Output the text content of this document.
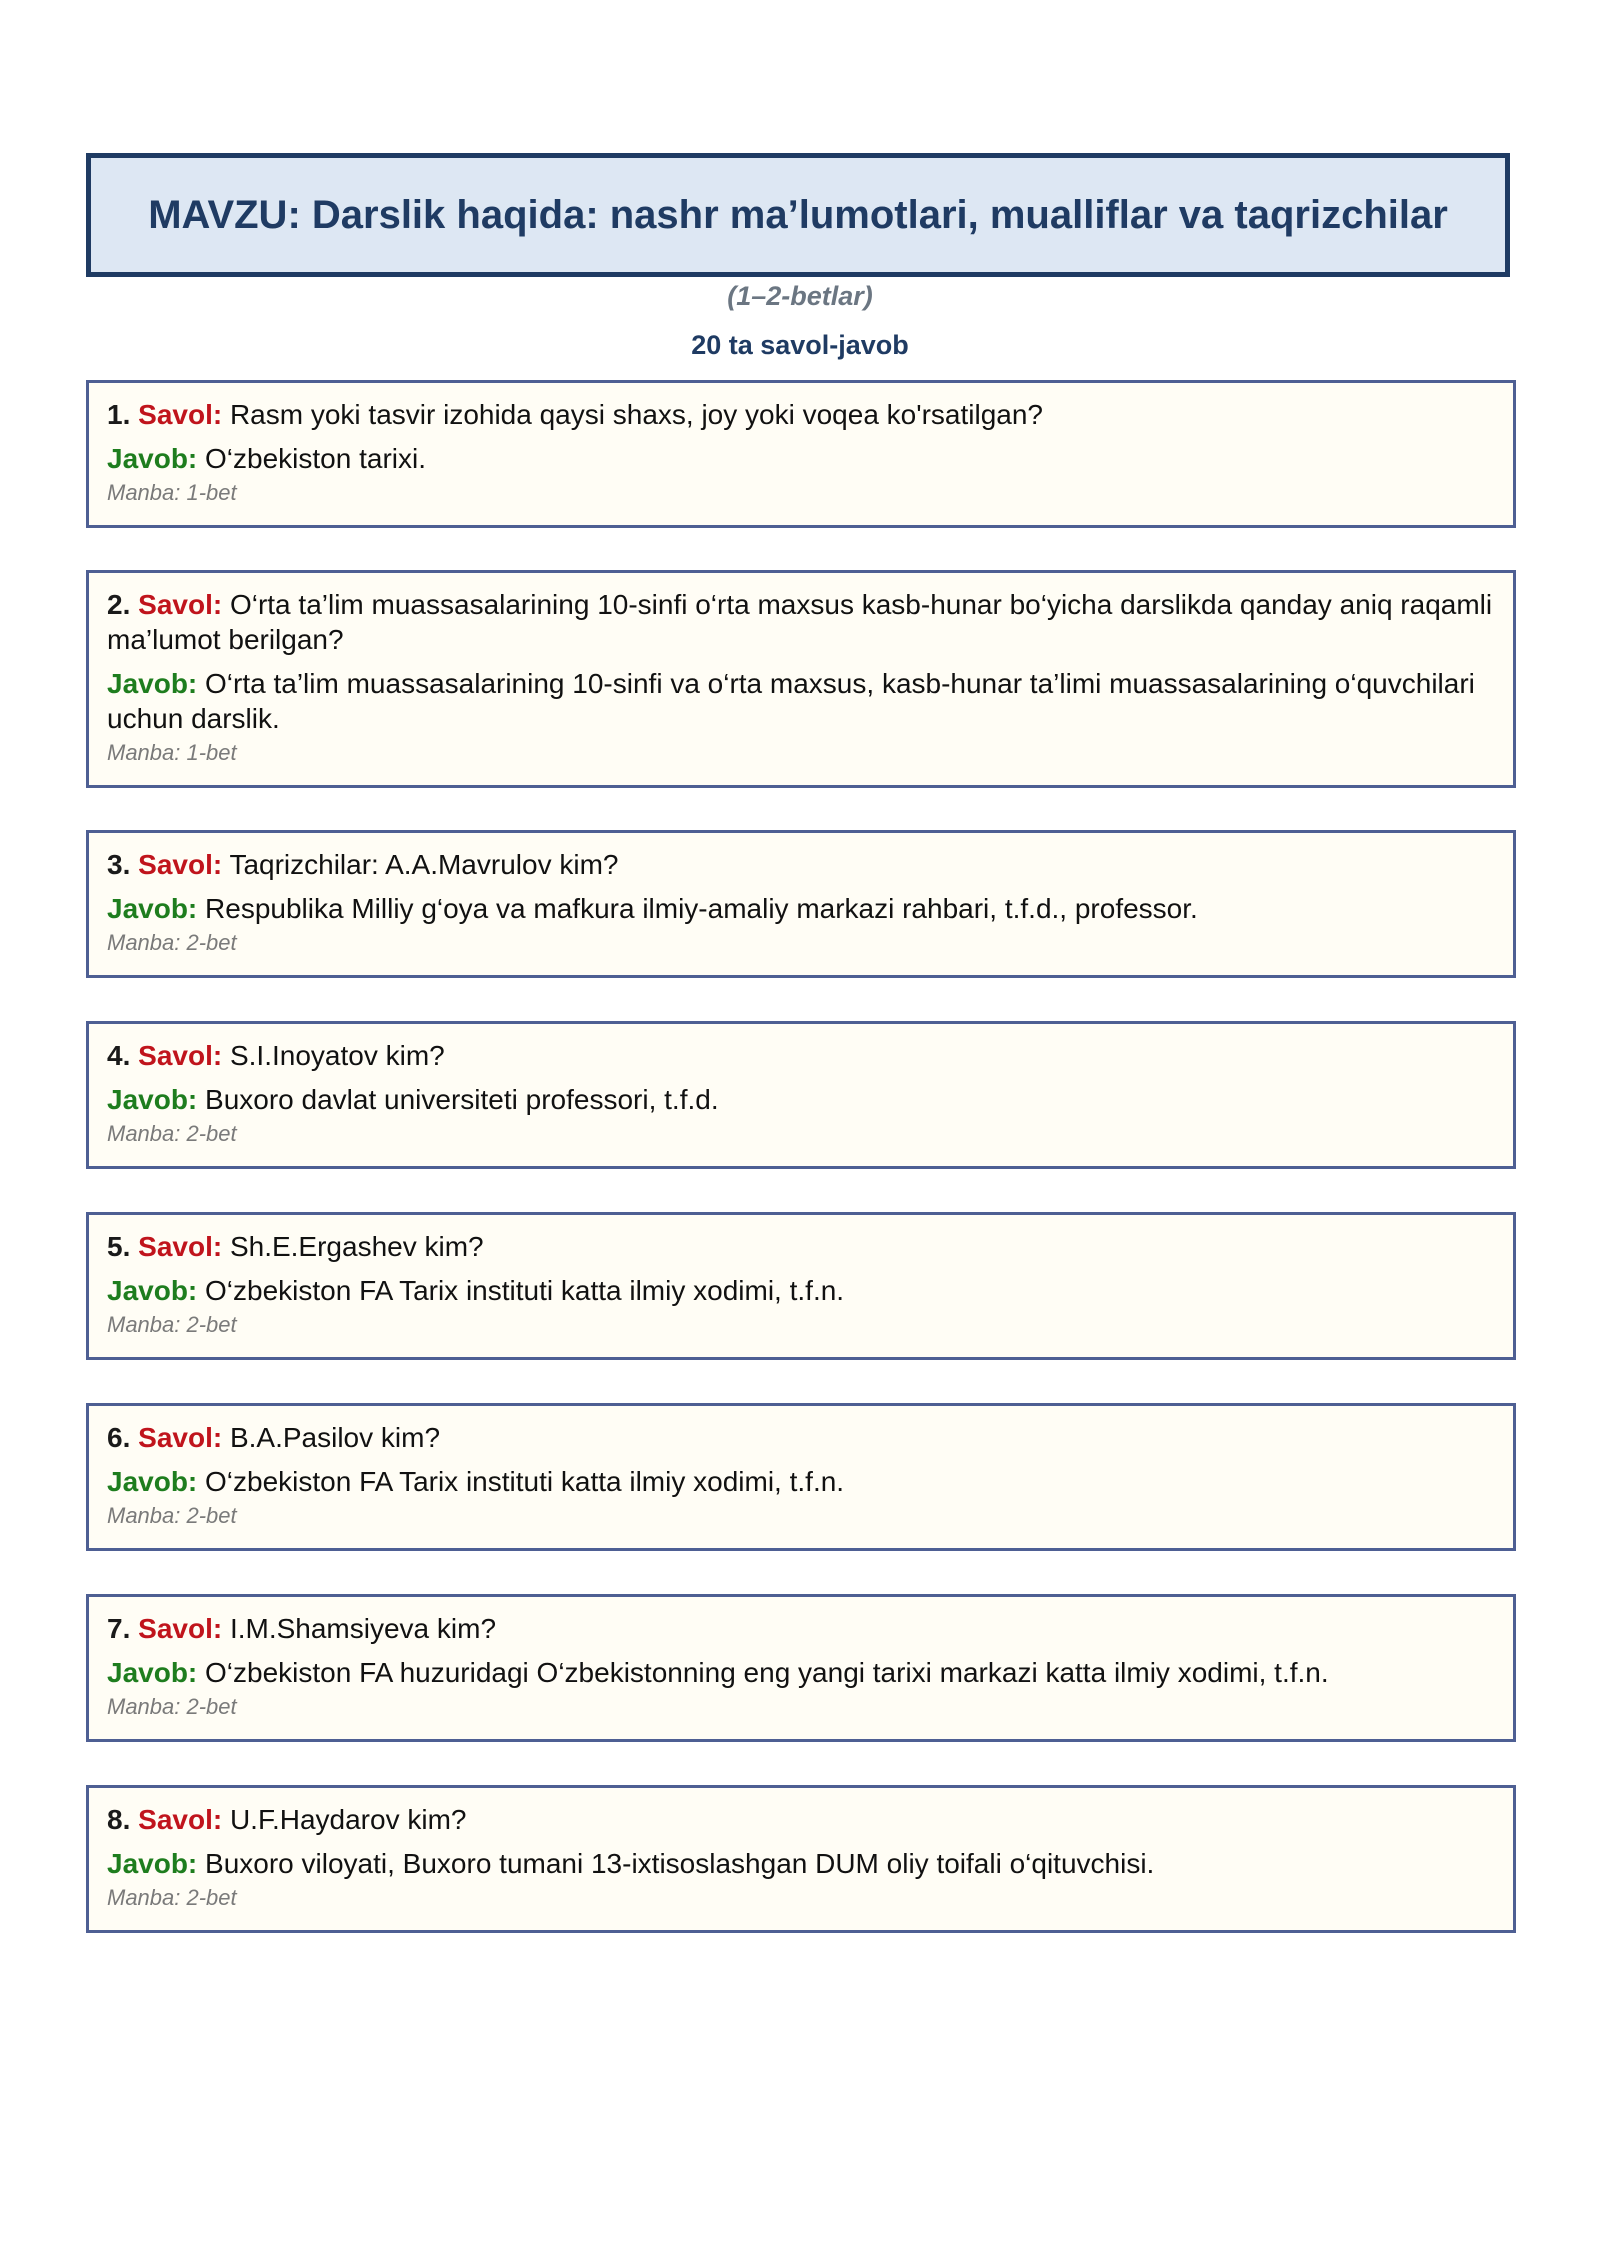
MAVZU: Darslik haqida: nashr ma’lumotlari, mualliflar va taqrizchilar
(1–2-betlar)
20 ta savol-javob
1. Savol: Rasm yoki tasvir izohida qaysi shaxs, joy yoki voqea ko'rsatilgan?
Javob: O‘zbekiston tarixi.
Manba: 1-bet
2. Savol: O‘rta ta’lim muassasalarining 10-sinfi o‘rta maxsus kasb-hunar bo‘yicha darslikda qanday aniq raqamli ma’lumot berilgan?
Javob: O‘rta ta’lim muassasalarining 10-sinfi va o‘rta maxsus, kasb-hunar ta’limi muassasalarining o‘quvchilari uchun darslik.
Manba: 1-bet
3. Savol: Taqrizchilar: A.A.Mavrulov kim?
Javob: Respublika Milliy g‘oya va mafkura ilmiy-amaliy markazi rahbari, t.f.d., professor.
Manba: 2-bet
4. Savol: S.I.Inoyatov kim?
Javob: Buxoro davlat universiteti professori, t.f.d.
Manba: 2-bet
5. Savol: Sh.E.Ergashev kim?
Javob: O‘zbekiston FA Tarix instituti katta ilmiy xodimi, t.f.n.
Manba: 2-bet
6. Savol: B.A.Pasilov kim?
Javob: O‘zbekiston FA Tarix instituti katta ilmiy xodimi, t.f.n.
Manba: 2-bet
7. Savol: I.M.Shamsiyeva kim?
Javob: O‘zbekiston FA huzuridagi O‘zbekistonning eng yangi tarixi markazi katta ilmiy xodimi, t.f.n.
Manba: 2-bet
8. Savol: U.F.Haydarov kim?
Javob: Buxoro viloyati, Buxoro tumani 13-ixtisoslashgan DUM oliy toifali o‘qituvchisi.
Manba: 2-bet
